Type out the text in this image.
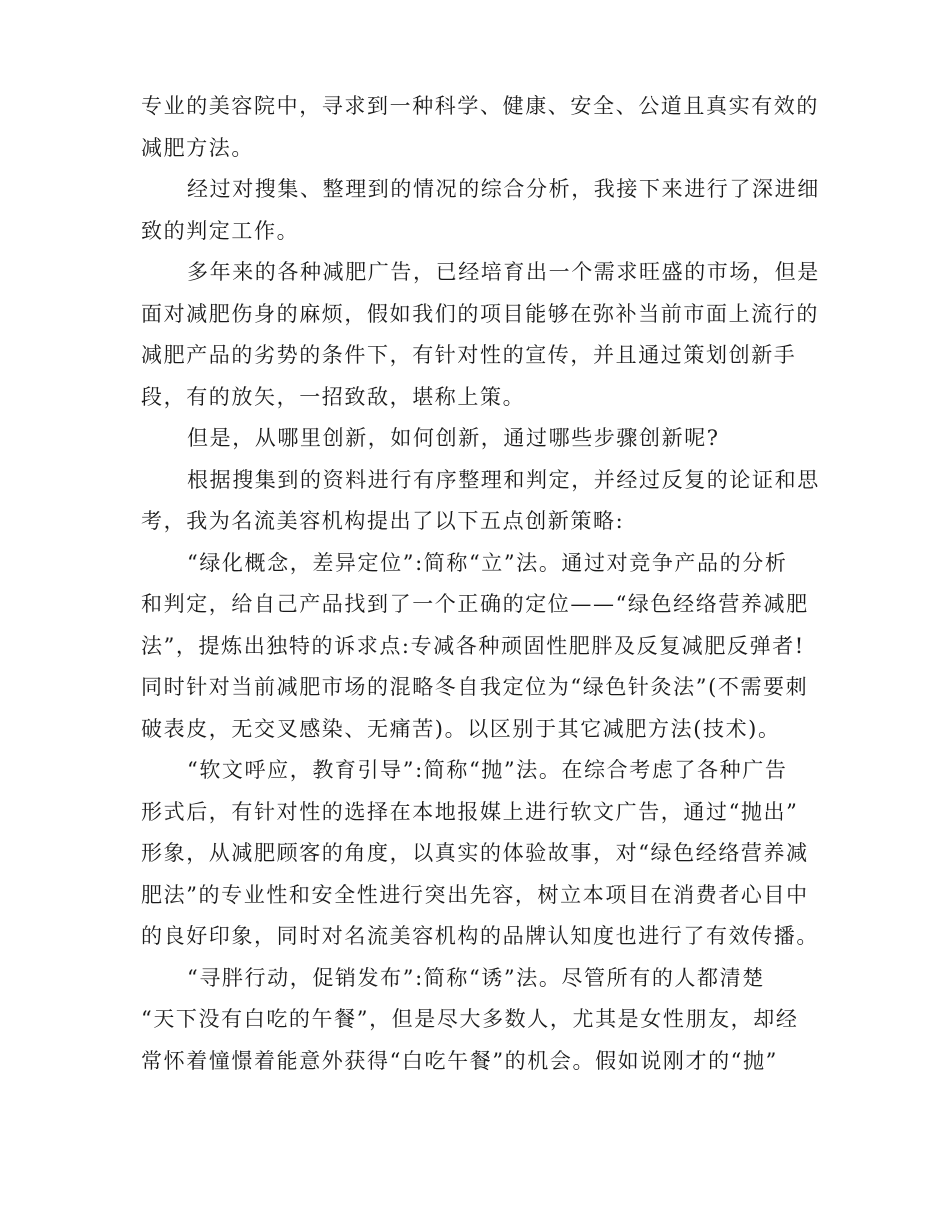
专业的美容院中，寻求到一种科学、健康、安全、公道且真实有效的
减肥方法。
经过对搜集、整理到的情况的综合分析，我接下来进行了深进细
致的判定工作。
多年来的各种减肥广告，已经培育出一个需求旺盛的市场，但是
面对减肥伤身的麻烦，假如我们的项目能够在弥补当前市面上流行的
减肥产品的劣势的条件下，有针对性的宣传，并且通过策划创新手
段，有的放矢，一招致敌，堪称上策。
但是，从哪里创新，如何创新，通过哪些步骤创新呢?
根据搜集到的资料进行有序整理和判定，并经过反复的论证和思
考，我为名流美容机构提出了以下五点创新策略:
“绿化概念，差异定位”:简称“立”法。通过对竞争产品的分析
和判定，给自己产品找到了一个正确的定位——“绿色经络营养减肥
法”，提炼出独特的诉求点:专减各种顽固性肥胖及反复减肥反弹者!
同时针对当前减肥市场的混略冬自我定位为“绿色针灸法”(不需要刺
破表皮，无交叉感染、无痛苦)。以区别于其它减肥方法(技术)。
“软文呼应，教育引导”:简称“抛”法。在综合考虑了各种广告
形式后，有针对性的选择在本地报媒上进行软文广告，通过“抛出”
形象，从减肥顾客的角度，以真实的体验故事，对“绿色经络营养减
肥法”的专业性和安全性进行突出先容，树立本项目在消费者心目中
的良好印象，同时对名流美容机构的品牌认知度也进行了有效传播。
“寻胖行动，促销发布”:简称“诱”法。尽管所有的人都清楚
“天下没有白吃的午餐”，但是尽大多数人，尤其是女性朋友，却经
常怀着憧憬着能意外获得“白吃午餐”的机会。假如说刚才的“抛”
